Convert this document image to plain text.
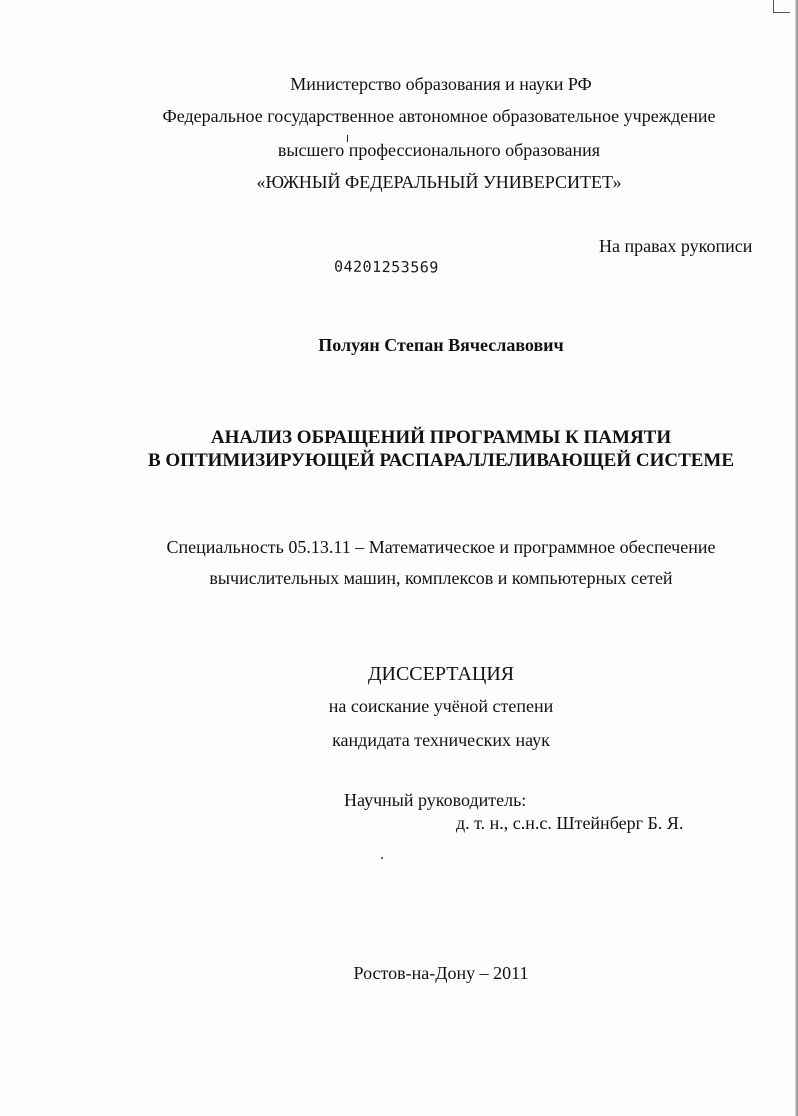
Министерство образования и науки РФ
Федеральное государственное автономное образовательное учреждение
высшего профессионального образования
«ЮЖНЫЙ ФЕДЕРАЛЬНЫЙ УНИВЕРСИТЕТ»
На правах рукописи
04201253569
Полуян Степан Вячеславович
АНАЛИЗ ОБРАЩЕНИЙ ПРОГРАММЫ К ПАМЯТИ
В ОПТИМИЗИРУЮЩЕЙ РАСПАРАЛЛЕЛИВАЮЩЕЙ СИСТЕМЕ
Специальность 05.13.11 – Математическое и программное обеспечение
вычислительных машин, комплексов и компьютерных сетей
ДИССЕРТАЦИЯ
на соискание учёной степени
кандидата технических наук
Научный руководитель:
д. т. н., с.н.с. Штейнберг Б. Я.
Ростов-на-Дону – 2011
